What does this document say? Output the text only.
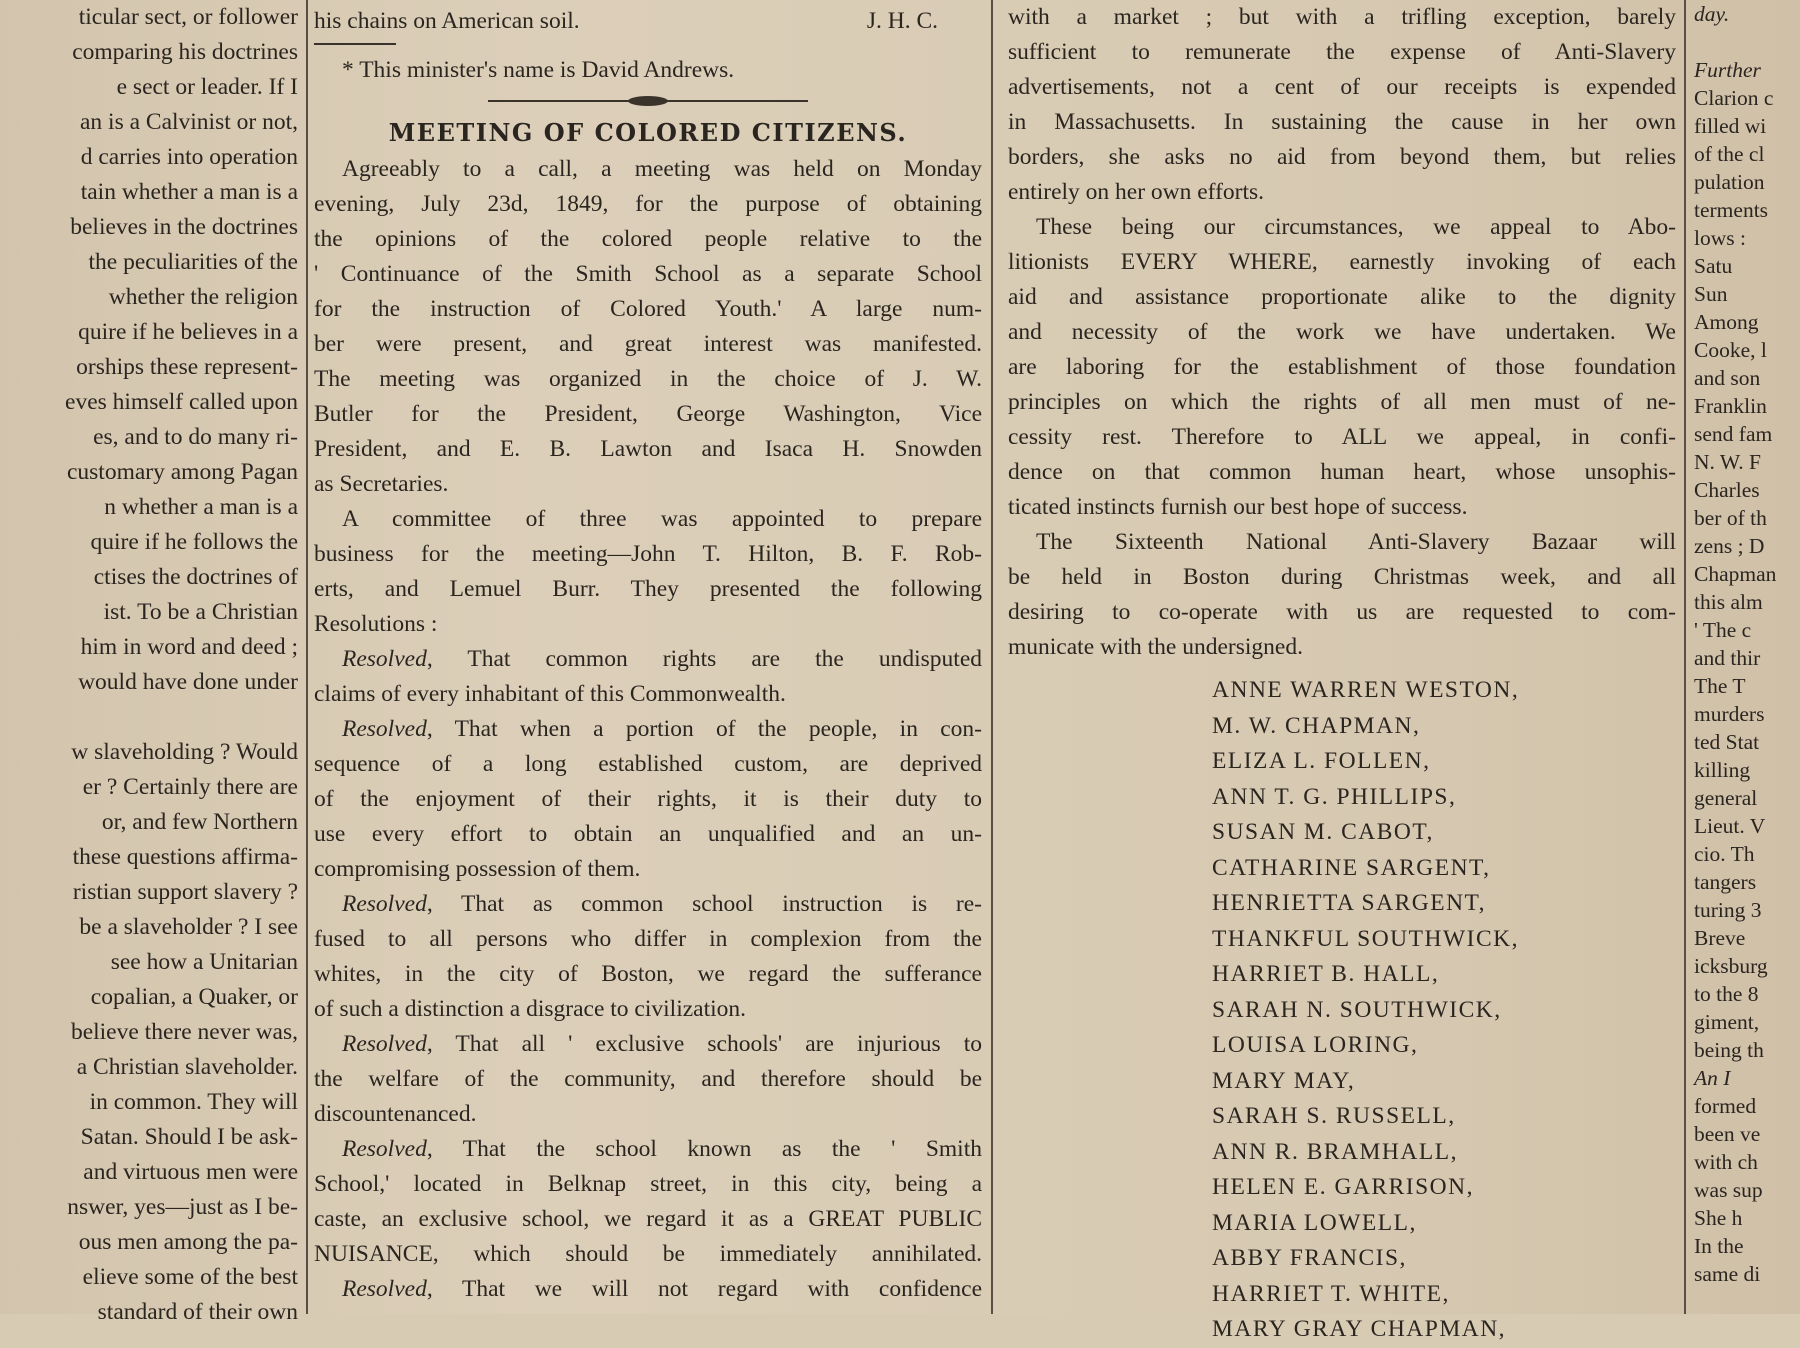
ticular sect, or follower
comparing his doctrines
e sect or leader. If I
an is a Calvinist or not,
d carries into operation
tain whether a man is a
believes in the doctrines
the peculiarities of the
whether the religion
quire if he believes in a
orships these represent-
eves himself called upon
es, and to do many ri-
customary among Pagan
n whether a man is a
quire if he follows the
ctises the doctrines of
ist. To be a Christian
him in word and deed ;
would have done under
w slaveholding ? Would
er ? Certainly there are
or, and few Northern
these questions affirma-
ristian support slavery ?
be a slaveholder ? I see
see how a Unitarian
copalian, a Quaker, or
believe there never was,
a Christian slaveholder.
in common. They will
Satan. Should I be ask-
and virtuous men were
nswer, yes—just as I be-
ous men among the pa-
elieve some of the best
standard of their own
his chains on American soil.	J. H. C.
* This minister's name is David Andrews.
MEETING OF COLORED CITIZENS.
Agreeably to a call, a meeting was held on Monday
evening, July 23d, 1849, for the purpose of obtaining
the opinions of the colored people relative to the
' Continuance of the Smith School as a separate School
for the instruction of Colored Youth.' A large num-
ber were present, and great interest was manifested.
The meeting was organized in the choice of J. W.
Butler for the President, George Washington, Vice
President, and E. B. Lawton and Isaca H. Snowden
as Secretaries.
A committee of three was appointed to prepare
business for the meeting—John T. Hilton, B. F. Rob-
erts, and Lemuel Burr. They presented the following
Resolutions :
Resolved, That common rights are the undisputed
claims of every inhabitant of this Commonwealth.
Resolved, That when a portion of the people, in con-
sequence of a long established custom, are deprived
of the enjoyment of their rights, it is their duty to
use every effort to obtain an unqualified and an un-
compromising possession of them.
Resolved, That as common school instruction is re-
fused to all persons who differ in complexion from the
whites, in the city of Boston, we regard the sufferance
of such a distinction a disgrace to civilization.
Resolved, That all ' exclusive schools' are injurious to
the welfare of the community, and therefore should be
discountenanced.
Resolved, That the school known as the ' Smith
School,' located in Belknap street, in this city, being a
caste, an exclusive school, we regard it as a GREAT PUBLIC
NUISANCE, which should be immediately annihilated.
Resolved, That we will not regard with confidence
with a market ; but with a trifling exception, barely
sufficient to remunerate the expense of Anti-Slavery
advertisements, not a cent of our receipts is expended
in Massachusetts. In sustaining the cause in her own
borders, she asks no aid from beyond them, but relies
entirely on her own efforts.
These being our circumstances, we appeal to Abo-
litionists EVERY WHERE, earnestly invoking of each
aid and assistance proportionate alike to the dignity
and necessity of the work we have undertaken. We
are laboring for the establishment of those foundation
principles on which the rights of all men must of ne-
cessity rest. Therefore to ALL we appeal, in confi-
dence on that common human heart, whose unsophis-
ticated instincts furnish our best hope of success.
The Sixteenth National Anti-Slavery Bazaar will
be held in Boston during Christmas week, and all
desiring to co-operate with us are requested to com-
municate with the undersigned.
ANNE WARREN WESTON,
M. W. CHAPMAN,
ELIZA L. FOLLEN,
ANN T. G. PHILLIPS,
SUSAN M. CABOT,
CATHARINE SARGENT,
HENRIETTA SARGENT,
THANKFUL SOUTHWICK,
HARRIET B. HALL,
SARAH N. SOUTHWICK,
LOUISA LORING,
MARY MAY,
SARAH S. RUSSELL,
ANN R. BRAMHALL,
HELEN E. GARRISON,
MARIA LOWELL,
ABBY FRANCIS,
HARRIET T. WHITE,
MARY GRAY CHAPMAN,
day.
Further
Clarion c
filled wi
of the cl
pulation
terments
lows :
Satu
Sun
Among
Cooke, l
and son
Franklin
send fam
N. W. F
Charles
ber of th
zens ; D
Chapman
this alm
' The c
and thir
The T
murders
ted Stat
killing
general
Lieut. V
cio. Th
tangers
turing 3
Breve
icksburg
to the 8
giment,
being th
An I
formed
been ve
with ch
was sup
She h
In the
same di
